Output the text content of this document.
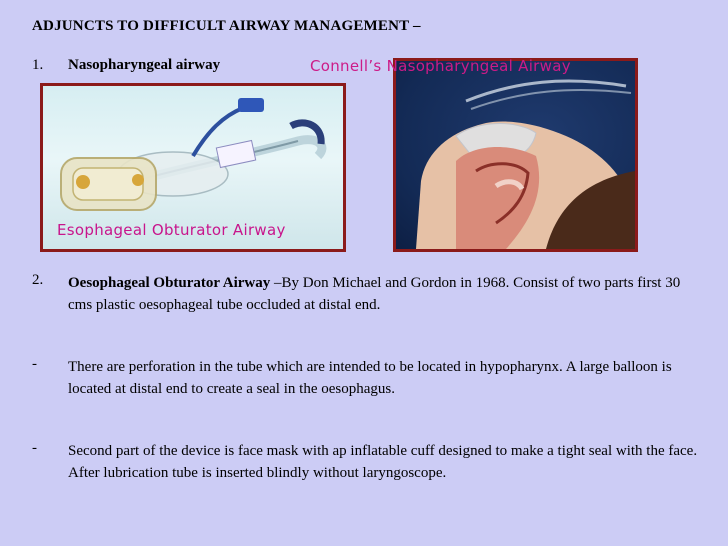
ADJUNCTS TO DIFFICULT AIRWAY MANAGEMENT –
1. Nasopharyngeal airway
Esophageal Obturator Airway
Connell’s Nasopharyngeal Airway
2. Oesophageal Obturator Airway –By Don Michael and Gordon in 1968. Consist of two parts first 30 cms plastic oesophageal tube occluded at distal end.
- There are perforation in the tube which are intended to be located in hypopharynx. A large balloon is located at distal end to create a seal in the oesophagus.
- Second part of the device is face mask with ap inflatable cuff designed to make a tight seal with the face. After lubrication tube is inserted blindly without laryngoscope.
